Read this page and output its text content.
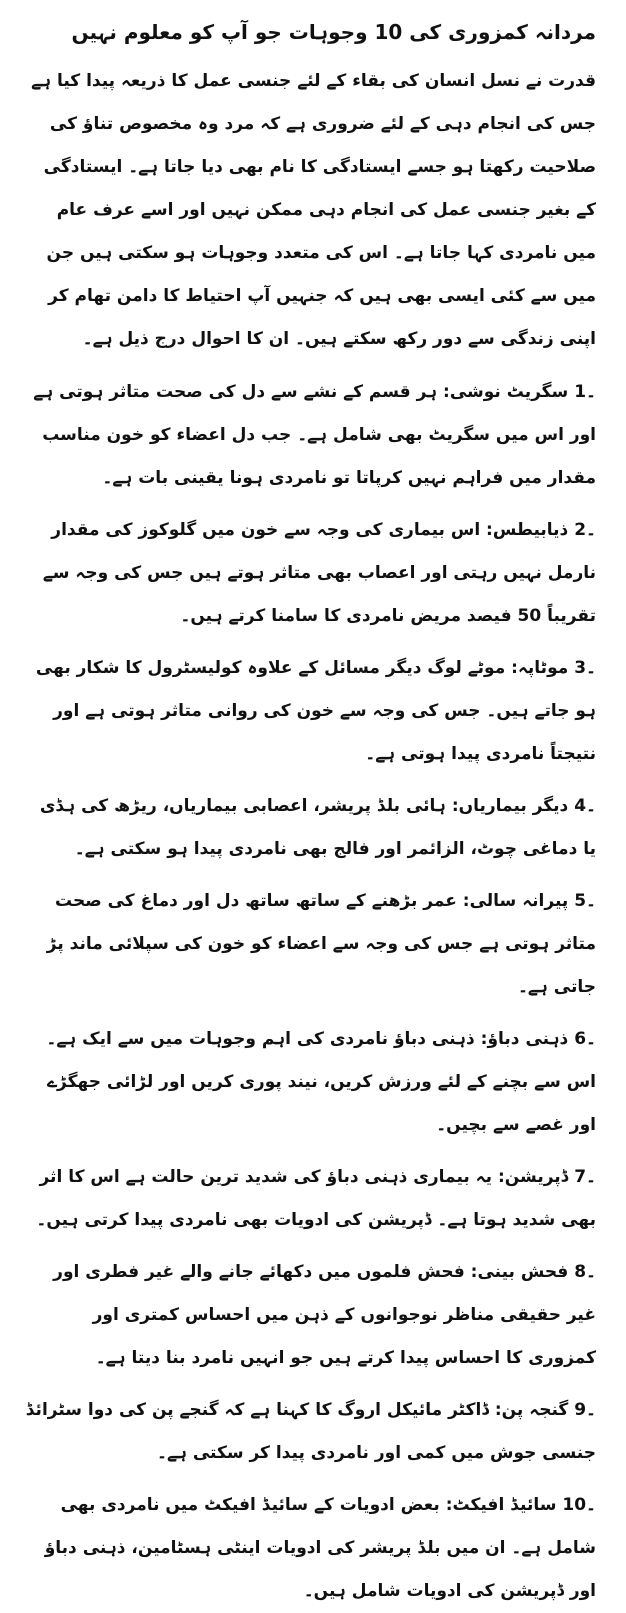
مردانہ کمزوری کی 10 وجوہات جو آپ کو معلوم نہیں
قدرت نے نسل انسان کی بقاء کے لئے جنسی عمل کا ذریعہ پیدا کیا ہے جس کی انجام دہی کے لئے ضروری ہے کہ مرد وہ مخصوص تناؤ کی صلاحیت رکھتا ہو جسے ایستادگی کا نام بھی دیا جاتا ہے۔ ایستادگی کے بغیر جنسی عمل کی انجام دہی ممکن نہیں اور اسے عرف عام میں نامردی کہا جاتا ہے۔ اس کی متعدد وجوہات ہو سکتی ہیں جن میں سے کئی ایسی بھی ہیں کہ جنہیں آپ احتیاط کا دامن تھام کر اپنی زندگی سے دور رکھ سکتے ہیں۔ ان کا احوال درج ذیل ہے۔
1۔ سگریٹ نوشی: ہر قسم کے نشے سے دل کی صحت متاثر ہوتی ہے اور اس میں سگریٹ بھی شامل ہے۔ جب دل اعضاء کو خون مناسب مقدار میں فراہم نہیں کرپاتا تو نامردی ہونا یقینی بات ہے۔
2۔ ذیابیطس: اس بیماری کی وجہ سے خون میں گلوکوز کی مقدار نارمل نہیں رہتی اور اعصاب بھی متاثر ہوتے ہیں جس کی وجہ سے تقریباً 50 فیصد مریض نامردی کا سامنا کرتے ہیں۔
3۔ موٹاپہ: موٹے لوگ دیگر مسائل کے علاوہ کولیسٹرول کا شکار بھی ہو جاتے ہیں۔ جس کی وجہ سے خون کی روانی متاثر ہوتی ہے اور نتیجتاً نامردی پیدا ہوتی ہے۔
4۔ دیگر بیماریاں: ہائی بلڈ پریشر، اعصابی بیماریاں، ریڑھ کی ہڈی یا دماغی چوٹ، الزائمر اور فالج بھی نامردی پیدا ہو سکتی ہے۔
5۔ پیرانہ سالی: عمر بڑھنے کے ساتھ ساتھ دل اور دماغ کی صحت متاثر ہوتی ہے جس کی وجہ سے اعضاء کو خون کی سپلائی ماند پڑ جاتی ہے۔
6۔ ذہنی دباؤ: ذہنی دباؤ نامردی کی اہم وجوہات میں سے ایک ہے۔ اس سے بچنے کے لئے ورزش کریں، نیند پوری کریں اور لڑائی جھگڑے اور غصے سے بچیں۔
7۔ ڈپریشن: یہ بیماری ذہنی دباؤ کی شدید ترین حالت ہے اس کا اثر بھی شدید ہوتا ہے۔ ڈپریشن کی ادویات بھی نامردی پیدا کرتی ہیں۔
8۔ فحش بینی: فحش فلموں میں دکھائے جانے والے غیر فطری اور غیر حقیقی مناظر نوجوانوں کے ذہن میں احساس کمتری اور کمزوری کا احساس پیدا کرتے ہیں جو انہیں نامرد بنا دیتا ہے۔
9۔ گنجہ پن: ڈاکٹر مائیکل اروگ کا کہنا ہے کہ گنجے پن کی دوا سٹرائڈ جنسی جوش میں کمی اور نامردی پیدا کر سکتی ہے۔
10۔ سائیڈ افیکٹ: بعض ادویات کے سائیڈ افیکٹ میں نامردی بھی شامل ہے۔ ان میں بلڈ پریشر کی ادویات اینٹی ہسٹامین، ذہنی دباؤ اور ڈپریشن کی ادویات شامل ہیں۔
